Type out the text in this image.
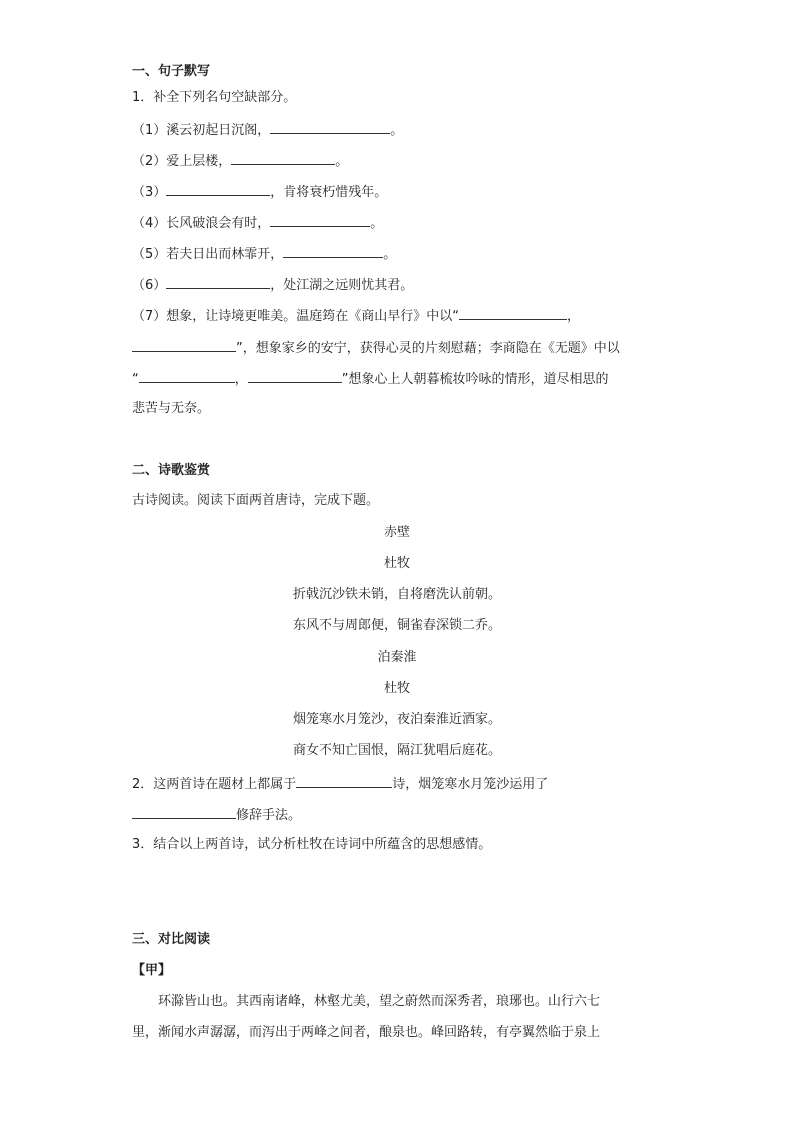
一、句子默写
1．补全下列名句空缺部分。
（1）溪云初起日沉阁，	。
（2）爱上层楼，	。
（3）	，肯将衰朽惜残年。
（4）长风破浪会有时，	。
（5）若夫日出而林霏开，	。
（6）	，处江湖之远则忧其君。
（7）想象，让诗境更唯美。温庭筠在《商山早行》中以“	，
”，想象家乡的安宁，获得心灵的片刻慰藉；李商隐在《无题》中以
“	，	”想象心上人朝暮梳妆吟咏的情形，道尽相思的
悲苦与无奈。
二、诗歌鉴赏
古诗阅读。阅读下面两首唐诗，完成下题。
赤壁
杜牧
折戟沉沙铁未销，自将磨洗认前朝。
东风不与周郎便，铜雀春深锁二乔。
泊秦淮
杜牧
烟笼寒水月笼沙，夜泊秦淮近酒家。
商女不知亡国恨，隔江犹唱后庭花。
2．这两首诗在题材上都属于	诗，烟笼寒水月笼沙运用了
修辞手法。
3．结合以上两首诗，试分析杜牧在诗词中所蕴含的思想感情。
三、对比阅读
【甲】
环滁皆山也。其西南诸峰，林壑尤美，望之蔚然而深秀者，琅琊也。山行六七
里，渐闻水声潺潺，而泻出于两峰之间者，酿泉也。峰回路转，有亭翼然临于泉上
